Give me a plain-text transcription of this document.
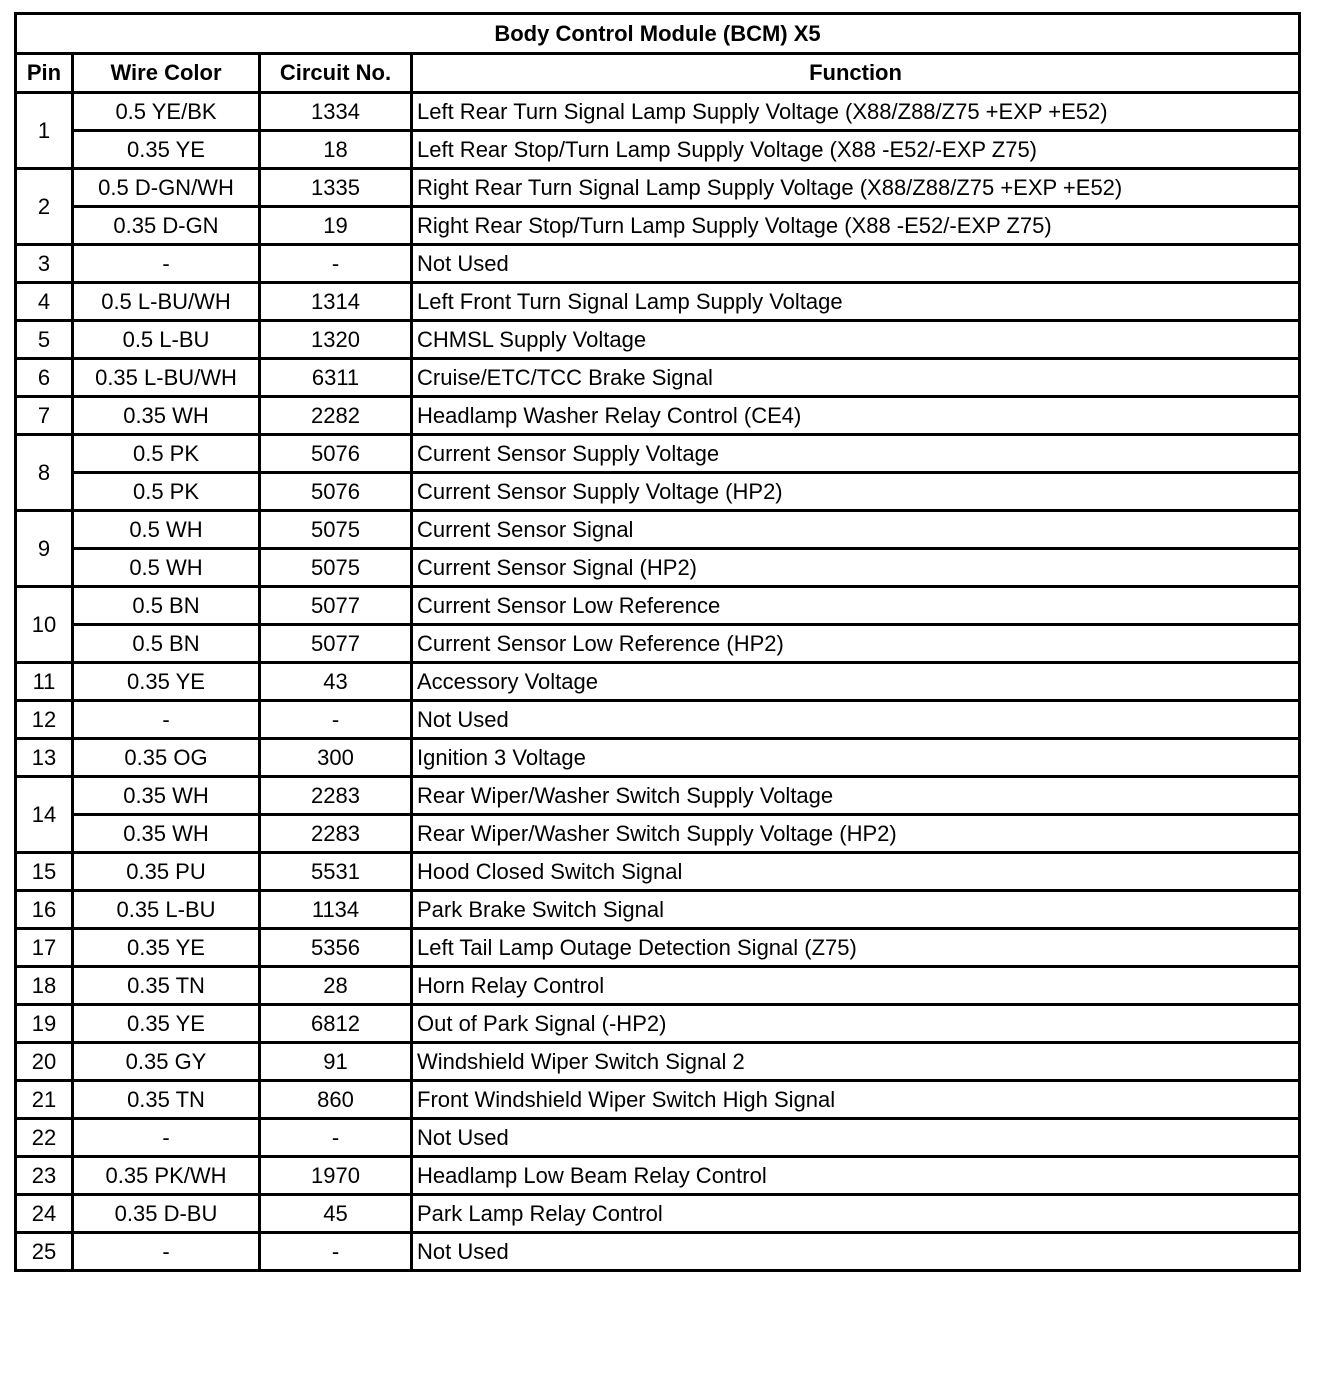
Body Control Module (BCM) X5			
Pin	Wire Color	Circuit No.	Function
1	0.5 YE/BK	1334	Left Rear Turn Signal Lamp Supply Voltage (X88/Z88/Z75 +EXP +E52)
	0.35 YE	18	Left Rear Stop/Turn Lamp Supply Voltage (X88 -E52/-EXP Z75)
2	0.5 D-GN/WH	1335	Right Rear Turn Signal Lamp Supply Voltage (X88/Z88/Z75 +EXP +E52)
	0.35 D-GN	19	Right Rear Stop/Turn Lamp Supply Voltage (X88 -E52/-EXP Z75)
3	-	-	Not Used
4	0.5 L-BU/WH	1314	Left Front Turn Signal Lamp Supply Voltage
5	0.5 L-BU	1320	CHMSL Supply Voltage
6	0.35 L-BU/WH	6311	Cruise/ETC/TCC Brake Signal
7	0.35 WH	2282	Headlamp Washer Relay Control (CE4)
8	0.5 PK	5076	Current Sensor Supply Voltage
	0.5 PK	5076	Current Sensor Supply Voltage (HP2)
9	0.5 WH	5075	Current Sensor Signal
	0.5 WH	5075	Current Sensor Signal (HP2)
10	0.5 BN	5077	Current Sensor Low Reference
	0.5 BN	5077	Current Sensor Low Reference (HP2)
11	0.35 YE	43	Accessory Voltage
12	-	-	Not Used
13	0.35 OG	300	Ignition 3 Voltage
14	0.35 WH	2283	Rear Wiper/Washer Switch Supply Voltage
	0.35 WH	2283	Rear Wiper/Washer Switch Supply Voltage (HP2)
15	0.35 PU	5531	Hood Closed Switch Signal
16	0.35 L-BU	1134	Park Brake Switch Signal
17	0.35 YE	5356	Left Tail Lamp Outage Detection Signal (Z75)
18	0.35 TN	28	Horn Relay Control
19	0.35 YE	6812	Out of Park Signal (-HP2)
20	0.35 GY	91	Windshield Wiper Switch Signal 2
21	0.35 TN	860	Front Windshield Wiper Switch High Signal
22	-	-	Not Used
23	0.35 PK/WH	1970	Headlamp Low Beam Relay Control
24	0.35 D-BU	45	Park Lamp Relay Control
25	-	-	Not Used
